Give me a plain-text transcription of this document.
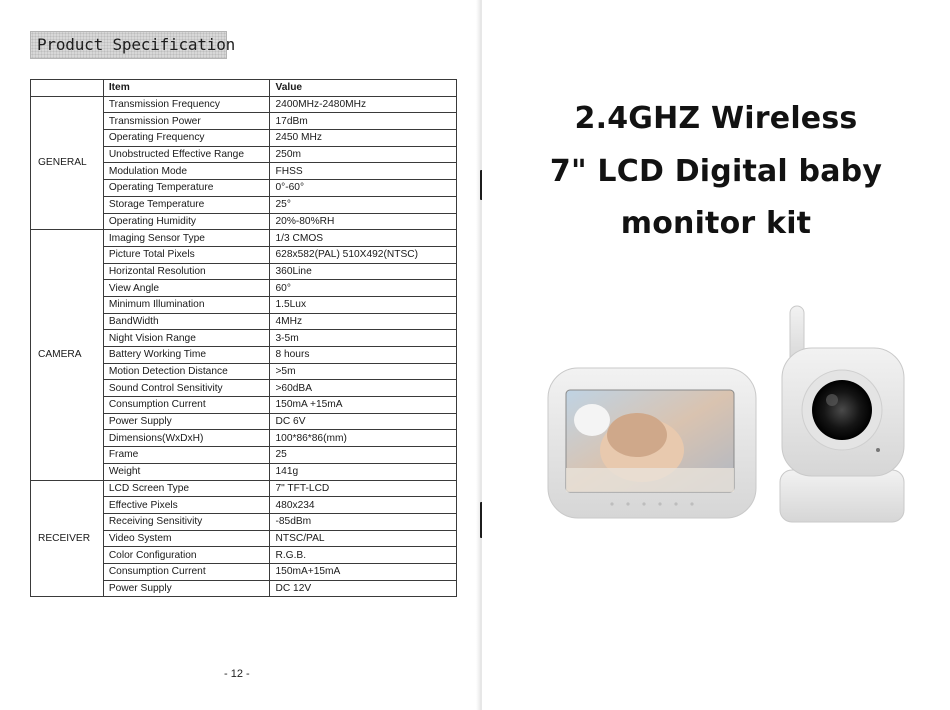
Product Specification
	Item	Value
GENERAL	Transmission Frequency	2400MHz-2480MHz
	Transmission Power	17dBm
	Operating Frequency	2450 MHz
	Unobstructed Effective Range	250m
	Modulation Mode	FHSS
	Operating Temperature	0°-60°
	Storage Temperature	25°
	Operating Humidity	20%-80%RH
CAMERA	Imaging Sensor Type	1/3 CMOS
	Picture Total Pixels	628x582(PAL) 510X492(NTSC)
	Horizontal Resolution	360Line
	View Angle	60°
	Minimum Illumination	1.5Lux
	BandWidth	4MHz
	Night Vision Range	3-5m
	Battery Working Time	8 hours
	Motion Detection Distance	>5m
	Sound Control Sensitivity	>60dBA
	Consumption Current	150mA +15mA
	Power Supply	DC 6V
	Dimensions(WxDxH)	100*86*86(mm)
	Frame	25
	Weight	141g
RECEIVER	LCD Screen Type	7" TFT-LCD
	Effective Pixels	480x234
	Receiving Sensitivity	-85dBm
	Video System	NTSC/PAL
	Color Configuration	R.G.B.
	Consumption Current	150mA+15mA
	Power Supply	DC 12V
- 12 -
2.4GHZ Wireless
7" LCD Digital baby
monitor kit
